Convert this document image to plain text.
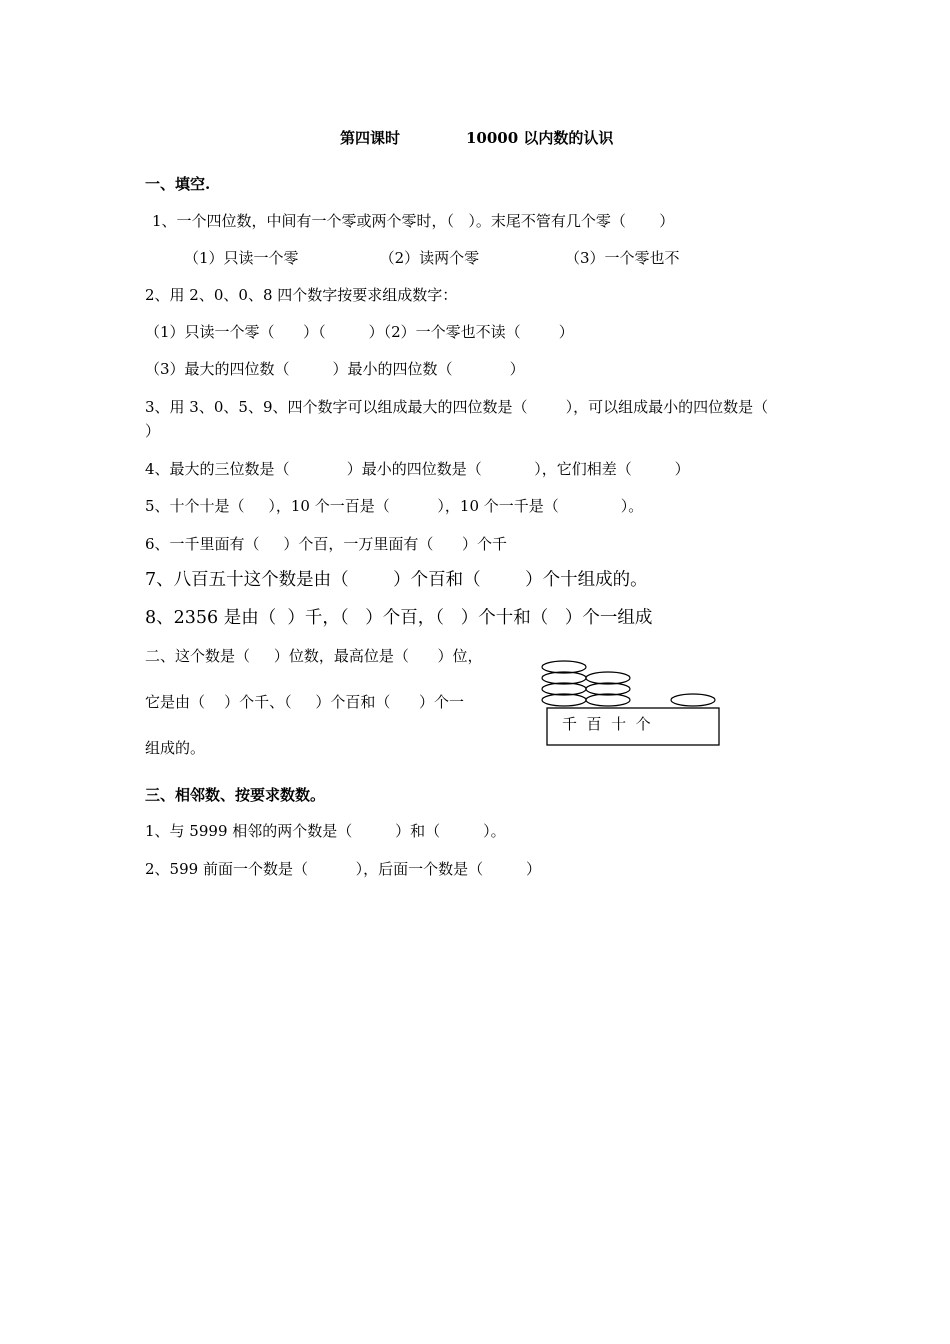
第四课时	10000 以内数的认识
一、填空.
1、一个四位数，中间有一个零或两个零时，（   ）。末尾不管有几个零（       ）
（1）只读一个零                 （2）读两个零                  （3）一个零也不
2、用 2、0、0、8 四个数字按要求组成数字：
（1）只读一个零（      ）（         ）（2）一个零也不读（        ）
（3）最大的四位数（         ）最小的四位数（            ）
3、用 3、0、5、9、四个数字可以组成最大的四位数是（        ），可以组成最小的四位数是（
）
4、最大的三位数是（            ）最小的四位数是（           ），它们相差（         ）
5、十个十是（     ），10 个一百是（          ），10 个一千是（             ）。
6、一千里面有（     ）个百，一万里面有（      ）个千
7、八百五十这个数是由（        ）个百和（        ）个十组成的。
8、2356 是由（  ）千，（   ）个百，（   ）个十和（   ）个一组成
二、这个数是（     ）位数，最高位是（      ）位，
它是由（    ）个千、（     ）个百和（      ）个一
组成的。
千  百  十  个
三、相邻数、按要求数数。
1、与 5999 相邻的两个数是（         ）和（         ）。
2、599 前面一个数是（          ），后面一个数是（         ）
